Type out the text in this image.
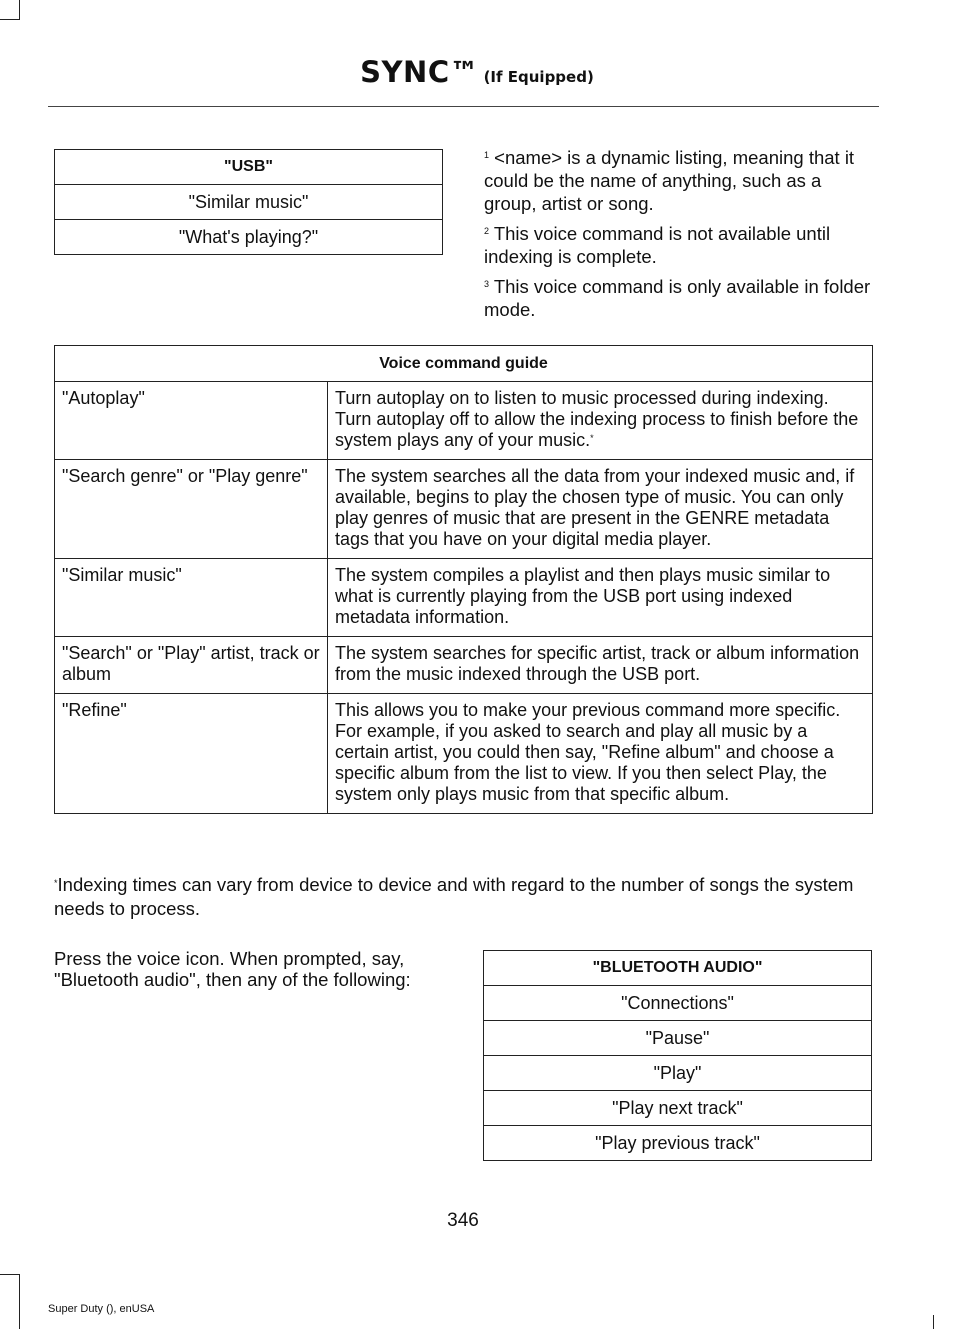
SYNC™ (If Equipped)
"USB"
"Similar music"
"What's playing?"

$^1$ <name> is a dynamic listing, meaning that it could be the name of anything, such as a group, artist or song.

$^2$ This voice command is not available until indexing is complete.

$^3$ This voice command is only available in folder mode.

Voice command guide	
"Autoplay"	Turn autoplay on to listen to music processed during indexing. Turn autoplay off to allow the indexing process to finish before the system plays any of your music.*
"Search genre" or "Play genre"	The system searches all the data from your indexed music and, if available, begins to play the chosen type of music. You can only play genres of music that are present in the GENRE metadata tags that you have on your digital media player.
"Similar music"	The system compiles a playlist and then plays music similar to what is currently playing from the USB port using indexed metadata information.
"Search" or "Play" artist, track or album	The system searches for specific artist, track or album information from the music indexed through the USB port.
"Refine"	This allows you to make your previous command more specific. For example, if you asked to search and play all music by a certain artist, you could then say, "Refine album" and choose a specific album from the list to view. If you then select Play, the system only plays music from that specific album.
*Indexing times can vary from device to device and with regard to the number of songs the system needs to process.
Press the voice icon. When prompted, say, "Bluetooth audio", then any of the following:
"BLUETOOTH AUDIO"
"Connections"
"Pause"
"Play"
"Play next track"
"Play previous track"
346
Super Duty (), enUSA
